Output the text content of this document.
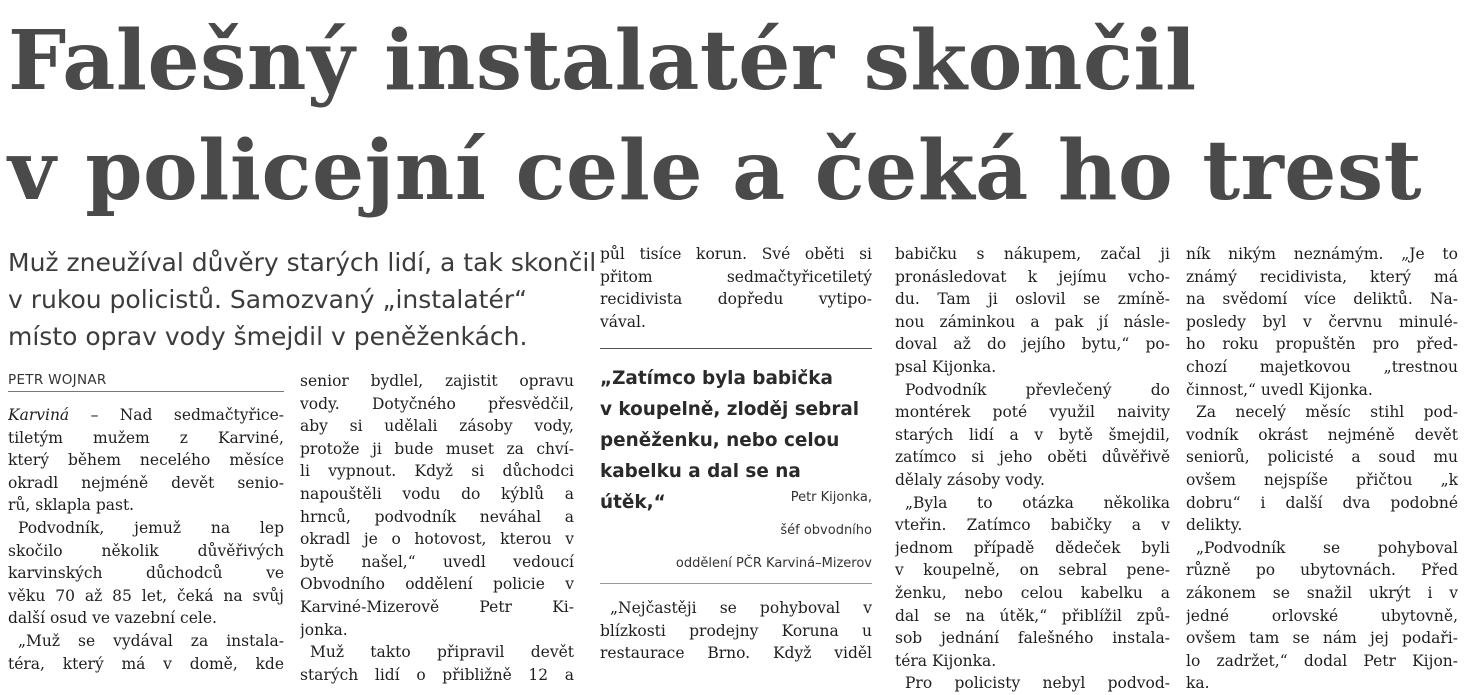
Falešný instalatér skončil
v policejní cele a čeká ho trest

Muž zneužíval důvěry starých lidí, a tak skončil
v rukou policistů. Samozvaný „instalatér“
místo oprav vody šmejdil v peněženkách.

PETR WOJNAR

Karviná – Nad sedmačtyřice-
tiletým mužem z Karviné,
který během necelého měsíce
okradl nejméně devět senio-
rů, sklapla past.
Podvodník, jemuž na lep
skočilo několik důvěřivých
karvinských důchodců ve
věku 70 až 85 let, čeká na svůj
další osud ve vazební cele.
„Muž se vydával za instala-
téra, který má v domě, kde

senior bydlel, zajistit opravu
vody. Dotyčného přesvědčil,
aby si udělali zásoby vody,
protože ji bude muset za chví-
li vypnout. Když si důchodci
napouštěli vodu do kýblů a
hrnců, podvodník neváhal a
okradl je o hotovost, kterou v
bytě našel,“ uvedl vedoucí
Obvodního oddělení policie v
Karviné-Mizerově Petr Ki-
jonka.
Muž takto připravil devět
starých lidí o přibližně 12 a

půl tisíce korun. Své oběti si
přitom sedmačtyřicetiletý
recidivista dopředu vytipo-
vával.

„Zatímco byla babička
v koupelně, zloděj sebral
peněženku, nebo celou
kabelku a dal se na
útěk,“	Petr Kijonka,
šéf obvodního
oddělení PČR Karviná–Mizerov

„Nejčastěji se pohyboval v
blízkosti prodejny Koruna u
restaurace Brno. Když viděl

babičku s nákupem, začal ji
pronásledovat k jejímu vcho-
du. Tam ji oslovil se zmíně-
nou záminkou a pak jí násle-
doval až do jejího bytu,“ po-
psal Kijonka.
Podvodník převlečený do
montérek poté využil naivity
starých lidí a v bytě šmejdil,
zatímco si jeho oběti důvěřivě
dělaly zásoby vody.
„Byla to otázka několika
vteřin. Zatímco babičky a v
jednom případě dědeček byli
v koupelně, on sebral pene-
ženku, nebo celou kabelku a
dal se na útěk,“ přiblížil způ-
sob jednání falešného instala-
téra Kijonka.
Pro policisty nebyl podvod-

ník nikým neznámým. „Je to
známý recidivista, který má
na svědomí více deliktů. Na-
posledy byl v červnu minulé-
ho roku propuštěn pro před-
chozí majetkovou „trestnou
činnost,“ uvedl Kijonka.
Za necelý měsíc stihl pod-
vodník okrást nejméně devět
seniorů, policisté a soud mu
ovšem nejspíše přičtou „k
dobru“ i další dva podobné
delikty.
„Podvodník se pohyboval
různě po ubytovnách. Před
zákonem se snažil ukrýt i v
jedné orlovské ubytovně,
ovšem tam se nám jej podaři-
lo zadržet,“ dodal Petr Kijon-
ka.
